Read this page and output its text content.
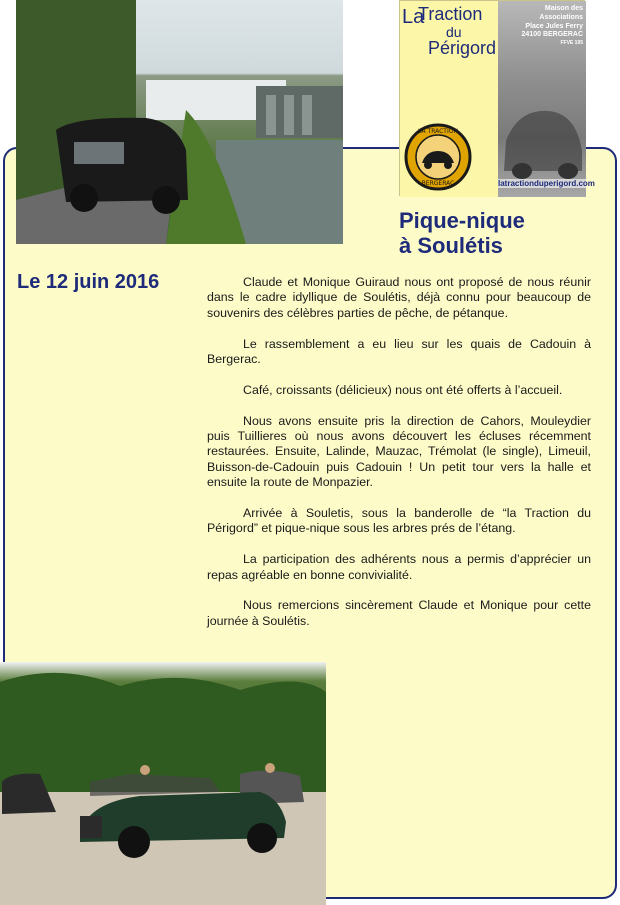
La
Traction
du
Périgord
Maison des Associations
Place Jules Ferry
24100 BERGERAC
FFVE 195
LA TRACTION
BERGERAC	latractionduperigord.com
Pique-nique
à Soulétis
Le 12 juin 2016	Claude et Monique Guiraud nous ont proposé de nous réunir dans le cadre idyllique de Soulétis, déjà connu pour beaucoup de souvenirs des célèbres parties de pêche, de pétanque.

Le rassemblement a eu lieu sur les quais de Cadouin à Bergerac.

Café, croissants (délicieux) nous ont été offerts à l’accueil.

Nous avons ensuite pris la direction de Cahors, Mouleydier puis Tuillieres où nous avons découvert les écluses récemment restaurées. Ensuite, Lalinde, Mauzac, Trémolat (le single), Limeuil, Buisson-de-Cadouin puis Cadouin ! Un petit tour vers la halle et ensuite la route de Monpazier.

Arrivée à Souletis, sous la banderolle de “la Traction du Périgord” et pique-nique sous les arbres prés de l’étang.

La participation des adhérents nous a permis d’apprécier un repas agréable en bonne convivialité.

Nous remercions sincèrement Claude et Monique pour cette journée à Soulétis.
